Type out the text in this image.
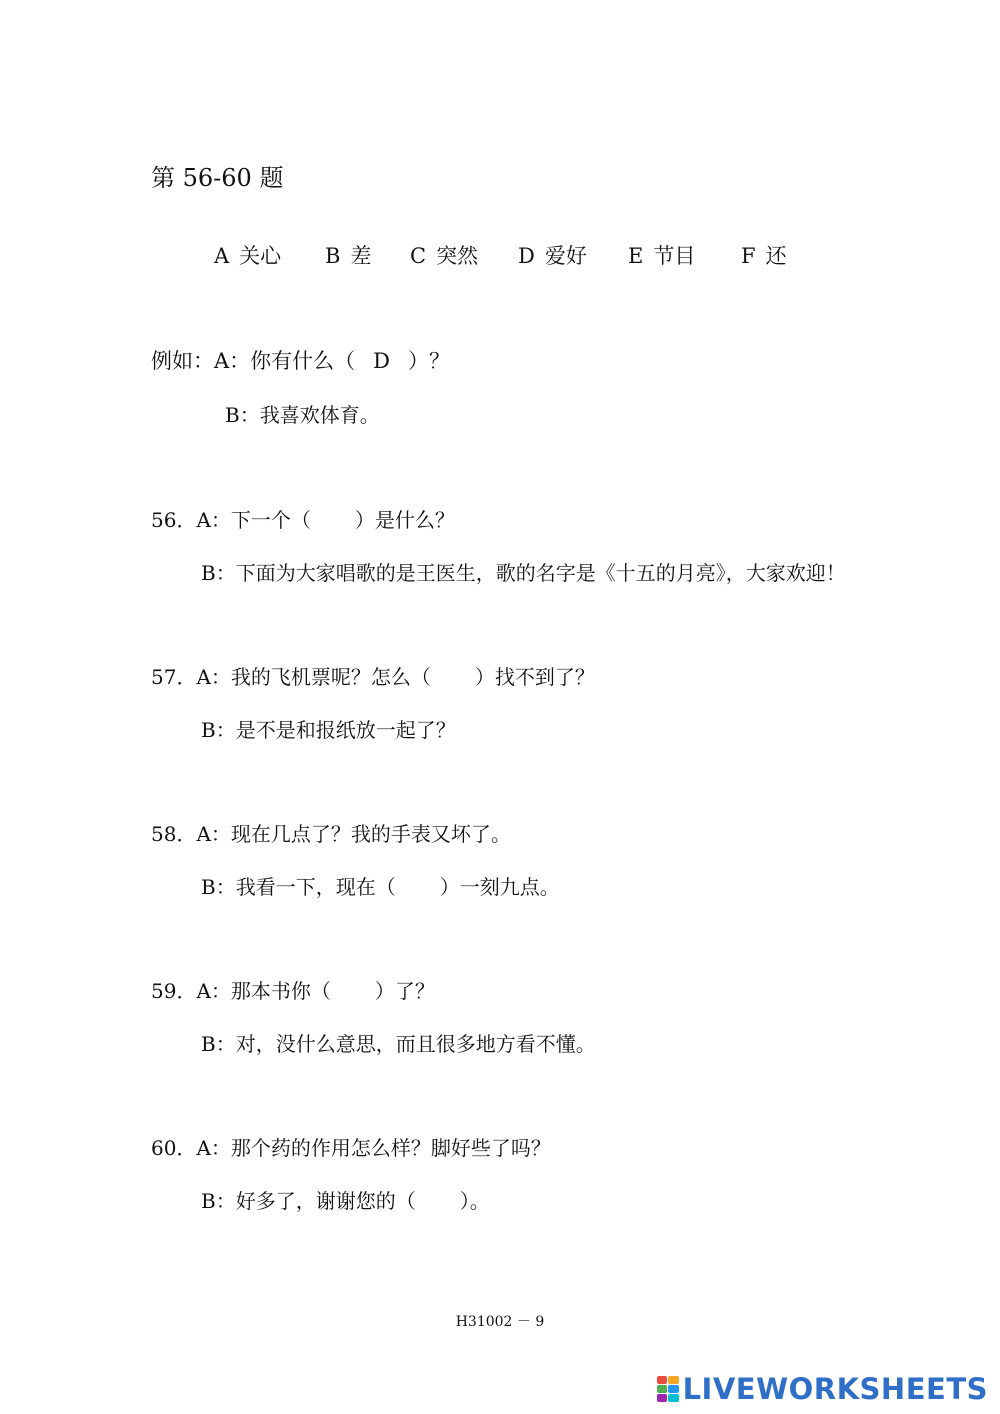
第 56-60 题
A 关心 B 差 C 突然 D 爱好 E 节目 F 还
例如：A：你有什么（ D ）？
B：我喜欢体育。
56．A：下一个（ ）是什么？
B：下面为大家唱歌的是王医生，歌的名字是《十五的月亮》，大家欢迎！
57．A：我的飞机票呢？怎么（ ）找不到了？
B：是不是和报纸放一起了？
58．A：现在几点了？我的手表又坏了。
B：我看一下，现在（ ）一刻九点。
59．A：那本书你（ ）了？
B：对，没什么意思，而且很多地方看不懂。
60．A：那个药的作用怎么样？脚好些了吗？
B：好多了，谢谢您的（ ）。
H31002 － 9
LIVEWORKSHEETS
